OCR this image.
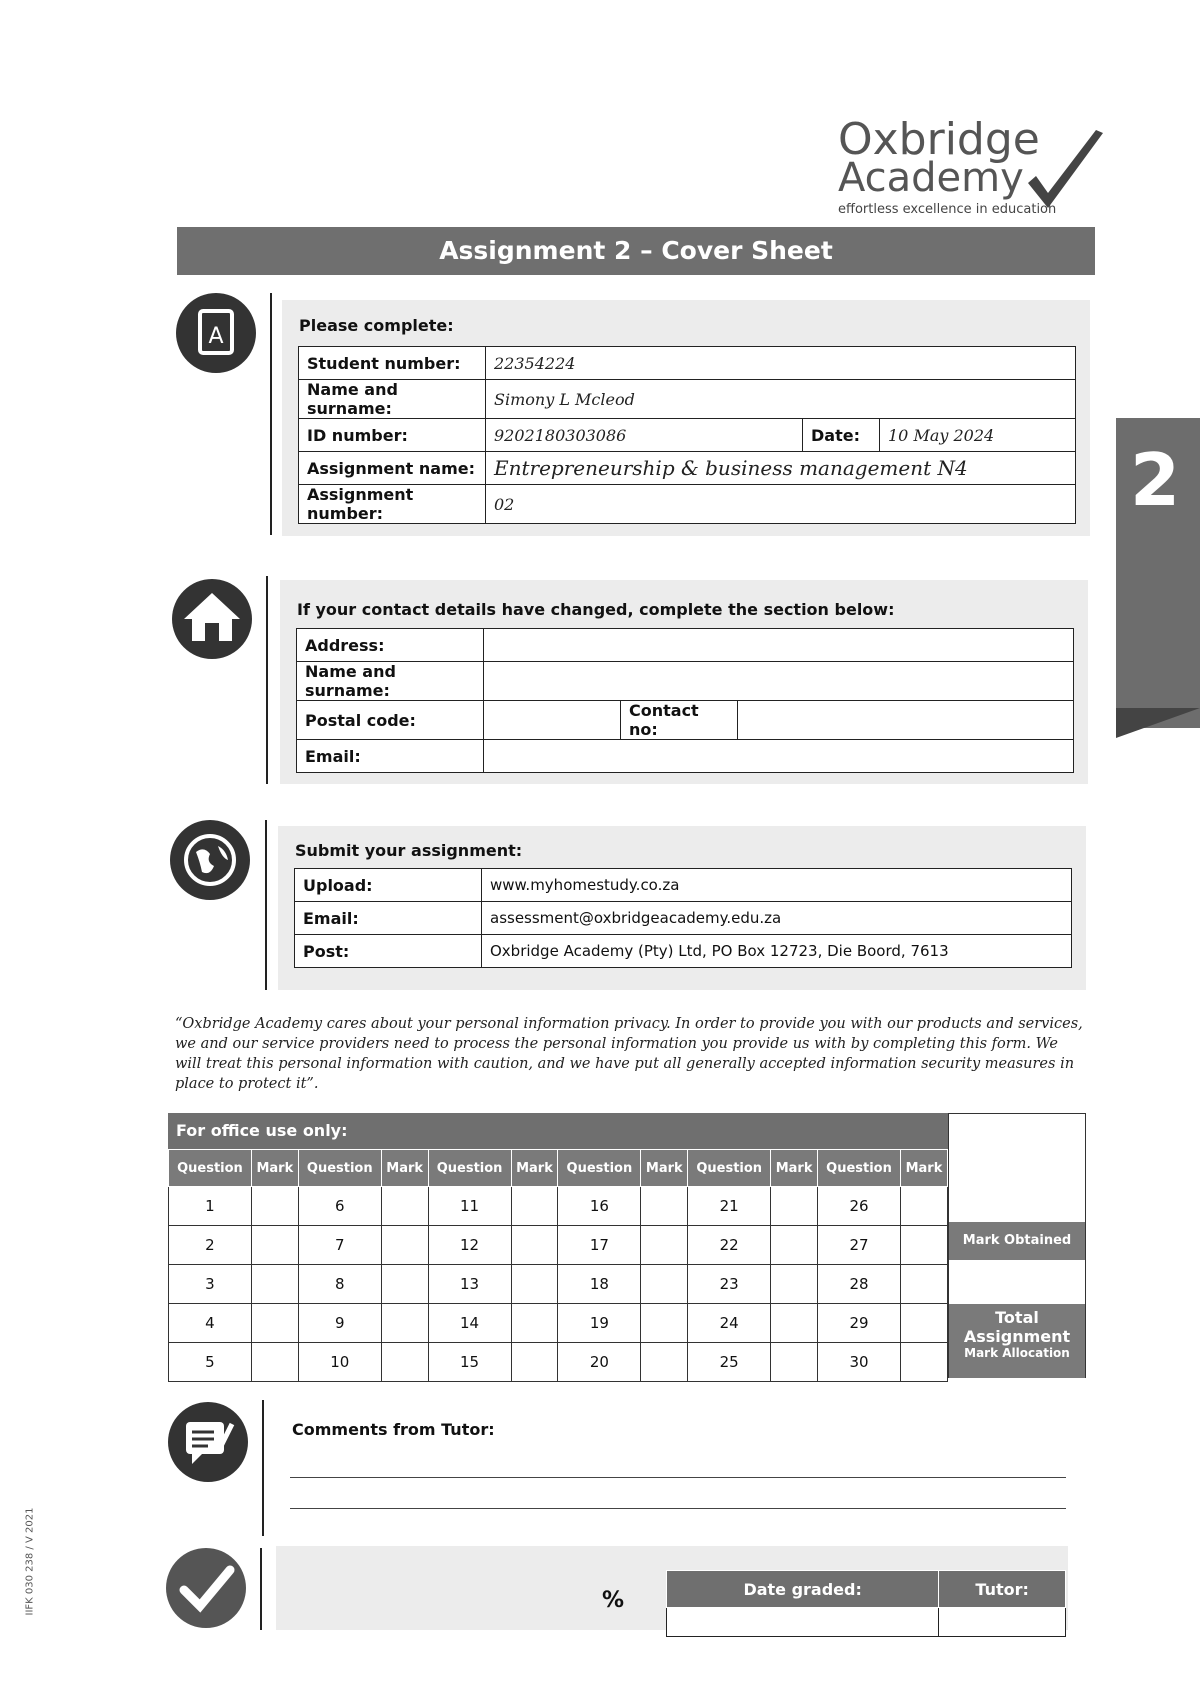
Oxbridge
Academy
effortless excellence in education
Assignment 2 – Cover Sheet
2
A	Please complete:
Student number:	22354224		
Name and surname:	Simony L Mcleod		
ID number:	9202180303086	Date:	10 May 2024
Assignment name:	Entrepreneurship & business management N4		
Assignment number:	02		
If your contact details have changed, complete the section below:
Address:			
Name and surname:			
Postal code:		Contact no:	
Email:			
Submit your assignment:
Upload:	www.myhomestudy.co.za
Email:	assessment@oxbridgeacademy.edu.za
Post:	Oxbridge Academy (Pty) Ltd, PO Box 12723, Die Boord, 7613
“Oxbridge Academy cares about your personal information privacy. In order to provide you with our products and services, we and our service providers need to process the personal information you provide us with by completing this form. We will treat this personal information with caution, and we have put all generally accepted information security measures in place to protect it”.
For office use only:
Question	Mark	Question	Mark	Question	Mark	Question	Mark	Question	Mark	Question	Mark
1		6		11		16		21		26	
2		7		12		17		22		27	
3		8		13		18		23		28	
4		9		14		19		24		29	
5		10		15		20		25		30	
Mark Obtained
Total
Assignment
Mark Allocation
Comments from Tutor:
%	Date graded:	Tutor:

IIFK 030 238 / V 2021
